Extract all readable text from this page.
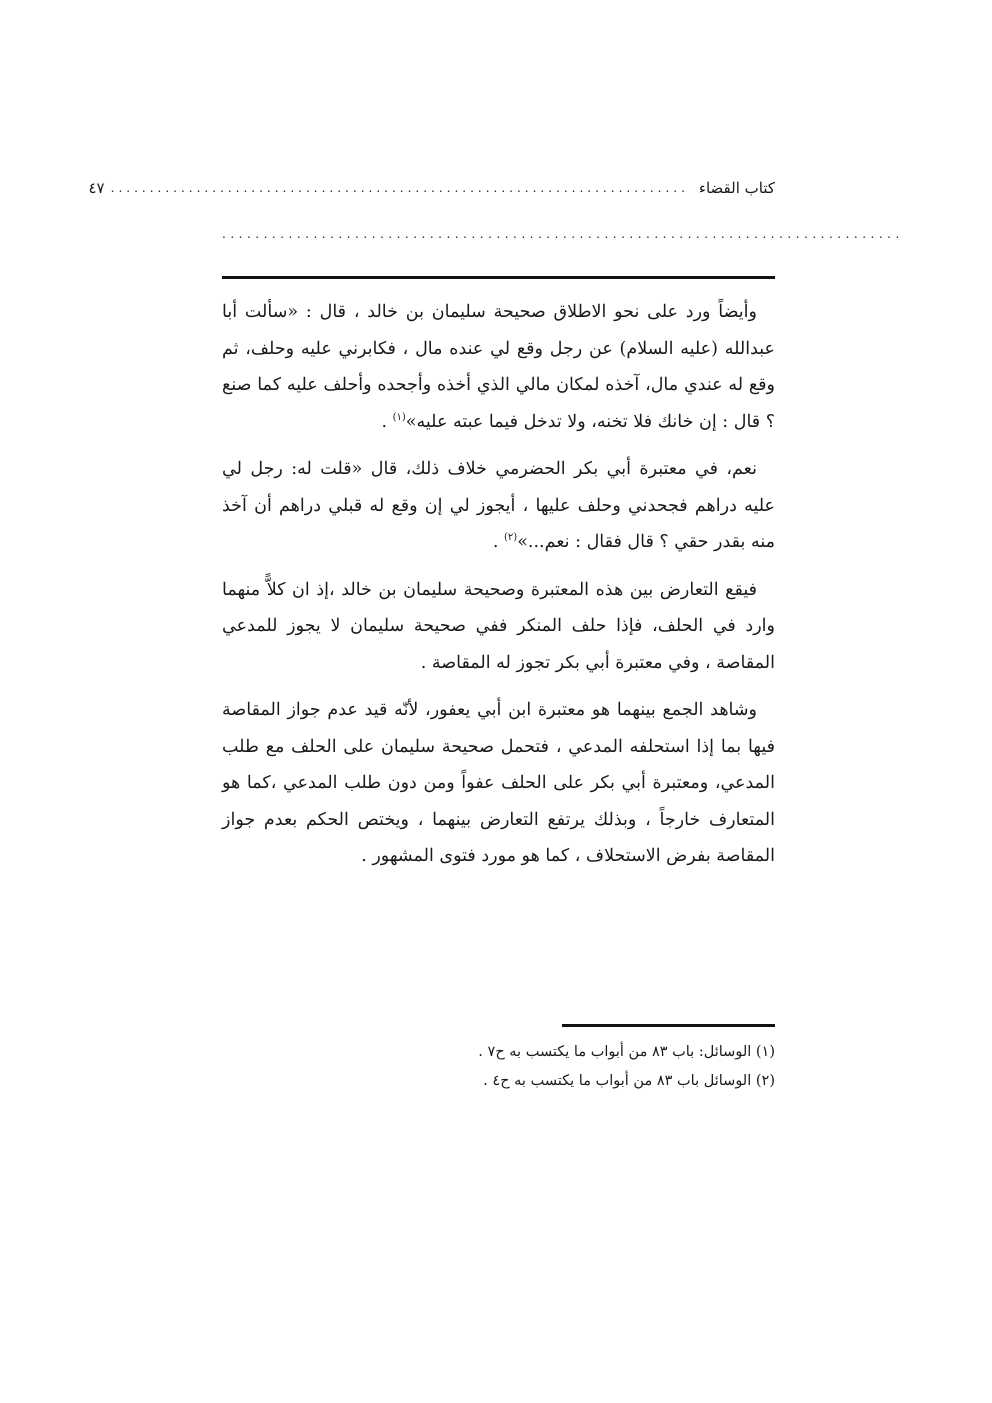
كتاب القضاء
..........................................................................
٤٧
..................................................................................

وأيضاً ورد على نحو الاطلاق صحيحة سليمان بن خالد ، قال : «سألت أبا عبدالله (عليه السلام) عن رجل وقع لي عنده مال ، فكابرني عليه وحلف، ثم وقع له عندي مال، آخذه لمكان مالي الذي أخذه وأجحده وأحلف عليه كما صنع ؟ قال : إن خانك فلا تخنه، ولا تدخل فيما عبته عليه»$^{(١)}$ .

نعم، في معتبرة أبي بكر الحضرمي خلاف ذلك، قال «قلت له: رجل لي عليه دراهم فجحدني وحلف عليها ، أيجوز لي إن وقع له قبلي دراهم أن آخذ منه بقدر حقي ؟ قال فقال : نعم...»$^{(٢)}$ .

فيقع التعارض بين هذه المعتبرة وصحيحة سليمان بن خالد ،إذ ان كلاًّ منهما وارد في الحلف، فإذا حلف المنكر ففي صحيحة سليمان لا يجوز للمدعي المقاصة ، وفي معتبرة أبي بكر تجوز له المقاصة .

وشاهد الجمع بينهما هو معتبرة ابن أبي يعفور، لأنّه قيد عدم جواز المقاصة فيها بما إذا استحلفه المدعي ، فتحمل صحيحة سليمان على الحلف مع طلب المدعي، ومعتبرة أبي بكر على الحلف عفواً ومن دون طلب المدعي ،كما هو المتعارف خارجاً ، وبذلك يرتفع التعارض بينهما ، ويختص الحكم بعدم جواز المقاصة بفرض الاستحلاف ، كما هو مورد فتوى المشهور .

(١) الوسائل: باب ٨٣ من أبواب ما يكتسب به ح٧ .
(٢) الوسائل باب ٨٣ من أبواب ما يكتسب به ح٤ .
